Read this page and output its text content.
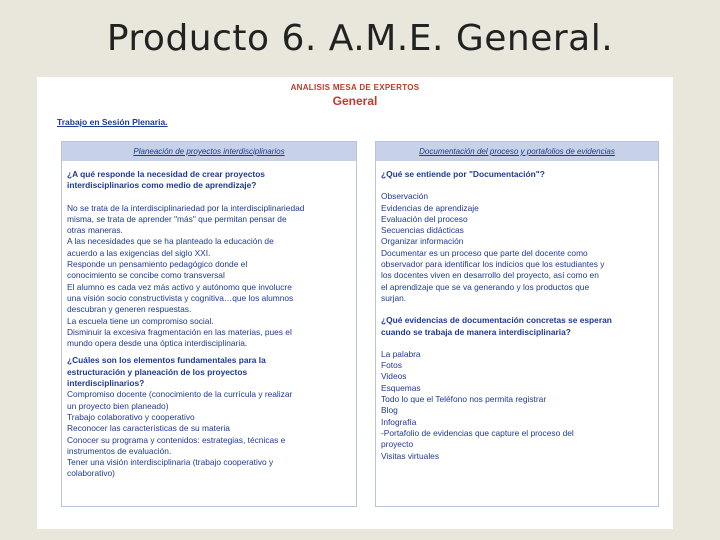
Producto 6. A.M.E. General.
ANALISIS MESA DE EXPERTOS
General
Trabajo en Sesión Plenaria.
Planeación de proyectos interdisciplinarios
¿A qué responde la necesidad de crear proyectos
interdisciplinarios como medio de aprendizaje?
No se trata de la interdisciplinariedad por la interdisciplinariedad
misma, se trata de aprender "más" que permitan pensar de
otras maneras.
A las necesidades que se ha planteado la educación de
acuerdo a las exigencias del siglo XXI.
Responde un pensamiento pedagógico donde el
conocimiento se concibe como transversal
El alumno es cada vez más activo y autónomo que involucre
una visión socio constructivista y cognitiva…que los alumnos
descubran y generen respuestas.
La escuela tiene un compromiso social.
Disminuir la excesiva fragmentación en las materias, pues el
mundo opera desde una óptica interdisciplinaria.
¿Cuáles son los elementos fundamentales para la
estructuración y planeación de los proyectos
interdisciplinarios?
Compromiso docente (conocimiento de la currícula y realizar
un proyecto bien planeado)
Trabajo colaborativo y cooperativo
Reconocer las características de su materia
Conocer su programa y contenidos: estrategias, técnicas e
instrumentos de evaluación.
Tener una visión interdisciplinaria (trabajo cooperativo y
colaborativo)
Documentación del proceso y portafolios de evidencias
¿Qué se entiende por "Documentación"?
Observación
Evidencias de aprendizaje
Evaluación del proceso
Secuencias didácticas
Organizar información
Documentar es un proceso que parte del docente como
observador para identificar los indicios que los estudiantes y
los docentes viven en desarrollo del proyecto, así como en
el aprendizaje que se va generando y los productos que
surjan.
¿Qué evidencias de documentación concretas se esperan
cuando se trabaja de manera interdisciplinaria?
La palabra
Fotos
Videos
Esquemas
Todo lo que el Teléfono nos permita registrar
Blog
Infografía
-Portafolio de evidencias que capture el proceso del
proyecto
Visitas virtuales
